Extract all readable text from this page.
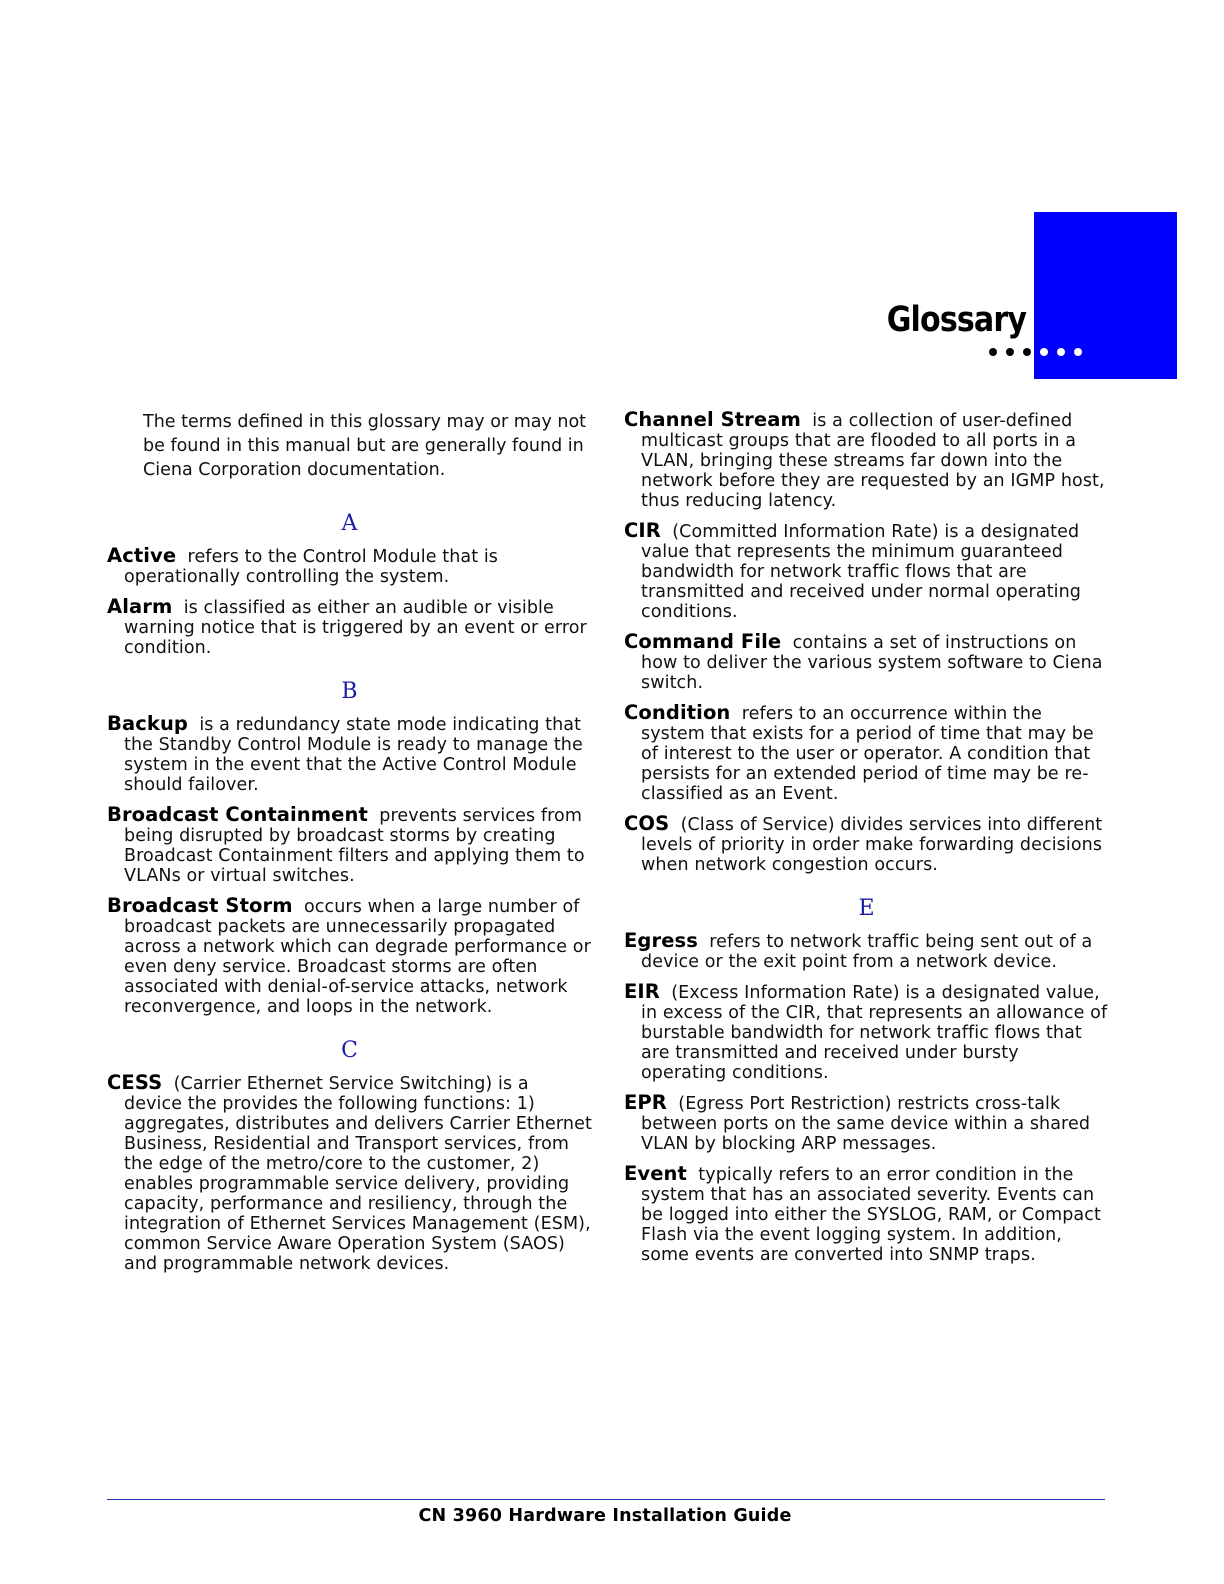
Glossary
The terms defined in this glossary may or may not be found in this manual but are generally found in Ciena Corporation documentation.
A
Active refers to the Control Module that is operationally controlling the system.
Alarm is classified as either an audible or visible warning notice that is triggered by an event or error condition.
B
Backup is a redundancy state mode indicating that the Standby Control Module is ready to manage the system in the event that the Active Control Module should failover.
Broadcast Containment prevents services from being disrupted by broadcast storms by creating Broadcast Containment filters and applying them to VLANs or virtual switches.
Broadcast Storm occurs when a large number of broadcast packets are unnecessarily propagated across a network which can degrade performance or even deny service. Broadcast storms are often associated with denial-of-service attacks, network reconvergence, and loops in the network.
C
CESS (Carrier Ethernet Service Switching) is a device the provides the following functions: 1) aggregates, distributes and delivers Carrier Ethernet Business, Residential and Transport services, from the edge of the metro/core to the customer, 2) enables programmable service delivery, providing capacity, performance and resiliency, through the integration of Ethernet Services Management (ESM), common Service Aware Operation System (SAOS) and programmable network devices.
Channel Stream is a collection of user-defined multicast groups that are flooded to all ports in a VLAN, bringing these streams far down into the network before they are requested by an IGMP host, thus reducing latency.
CIR (Committed Information Rate) is a designated value that represents the minimum guaranteed bandwidth for network traffic flows that are transmitted and received under normal operating conditions.
Command File contains a set of instructions on how to deliver the various system software to Ciena switch.
Condition refers to an occurrence within the system that exists for a period of time that may be of interest to the user or operator. A condition that persists for an extended period of time may be re-classified as an Event.
COS (Class of Service) divides services into different levels of priority in order make forwarding decisions when network congestion occurs.
E
Egress refers to network traffic being sent out of a device or the exit point from a network device.
EIR (Excess Information Rate) is a designated value, in excess of the CIR, that represents an allowance of burstable bandwidth for network traffic flows that are transmitted and received under bursty operating conditions.
EPR (Egress Port Restriction) restricts cross-talk between ports on the same device within a shared VLAN by blocking ARP messages.
Event typically refers to an error condition in the system that has an associated severity. Events can be logged into either the SYSLOG, RAM, or Compact Flash via the event logging system. In addition, some events are converted into SNMP traps.
CN 3960 Hardware Installation Guide
